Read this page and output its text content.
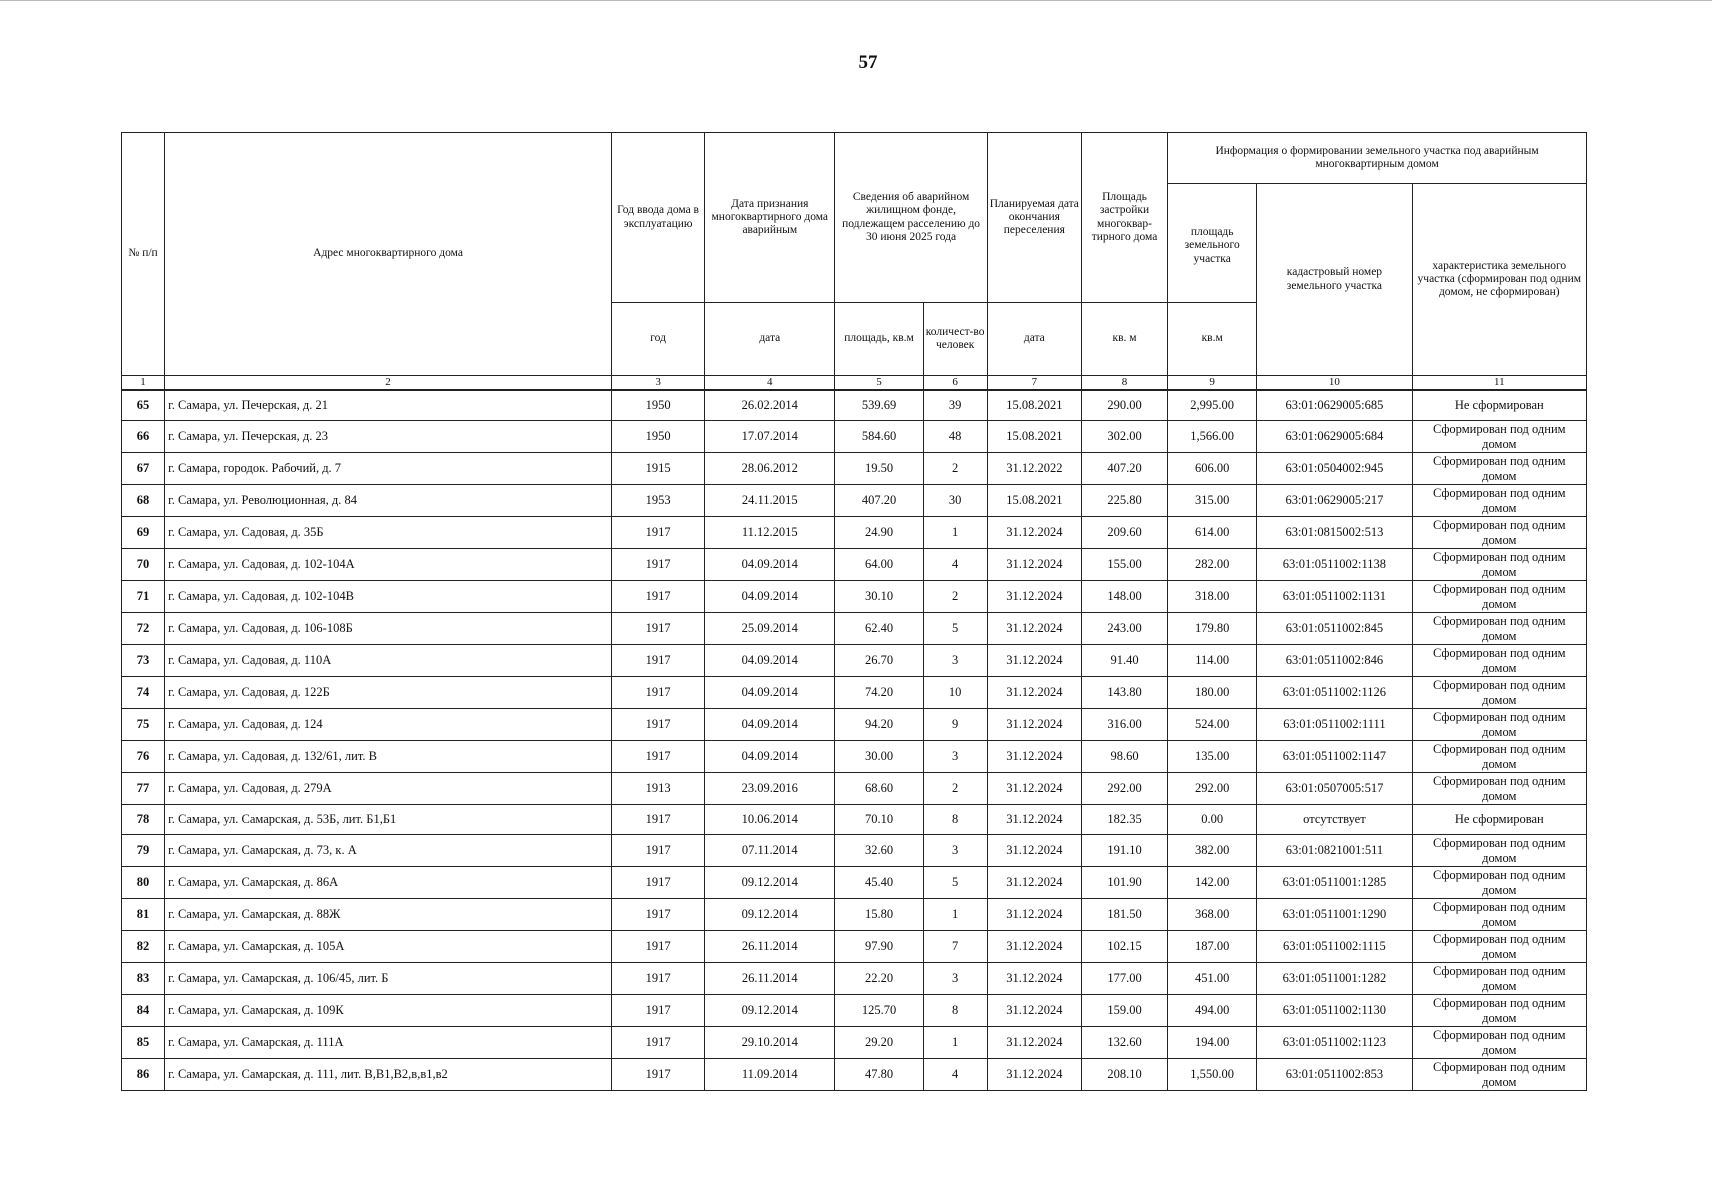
57
№ п/п	Адрес многоквартирного дома	Год ввода дома в эксплуатацию	Дата признания многоквартирного дома аварийным	Сведения об аварийном жилищном фонде, подлежащем расселению до 30 июня 2025 года		Планируемая дата окончания переселения	Площадь застройки многоквар-тирного дома	Информация о формировании земельного участка под аварийным многоквартирным домом		
								площадь земельного участка	кадастровый номер земельного участка	характеристика земельного участка (сформирован под одним домом, не сформирован)
		год	дата	площадь, кв.м	количест-во человек	дата	кв. м	кв.м		
1	2	3	4	5	6	7	8	9	10	11
65	г. Самара, ул. Печерская, д. 21	1950	26.02.2014	539.69	39	15.08.2021	290.00	2,995.00	63:01:0629005:685	Не сформирован
66	г. Самара, ул. Печерская, д. 23	1950	17.07.2014	584.60	48	15.08.2021	302.00	1,566.00	63:01:0629005:684	Сформирован под одним домом
67	г. Самара, городок. Рабочий, д. 7	1915	28.06.2012	19.50	2	31.12.2022	407.20	606.00	63:01:0504002:945	Сформирован под одним домом
68	г. Самара, ул. Революционная, д. 84	1953	24.11.2015	407.20	30	15.08.2021	225.80	315.00	63:01:0629005:217	Сформирован под одним домом
69	г. Самара, ул. Садовая, д. 35Б	1917	11.12.2015	24.90	1	31.12.2024	209.60	614.00	63:01:0815002:513	Сформирован под одним домом
70	г. Самара, ул. Садовая, д. 102-104А	1917	04.09.2014	64.00	4	31.12.2024	155.00	282.00	63:01:0511002:1138	Сформирован под одним домом
71	г. Самара, ул. Садовая, д. 102-104В	1917	04.09.2014	30.10	2	31.12.2024	148.00	318.00	63:01:0511002:1131	Сформирован под одним домом
72	г. Самара, ул. Садовая, д. 106-108Б	1917	25.09.2014	62.40	5	31.12.2024	243.00	179.80	63:01:0511002:845	Сформирован под одним домом
73	г. Самара, ул. Садовая, д. 110А	1917	04.09.2014	26.70	3	31.12.2024	91.40	114.00	63:01:0511002:846	Сформирован под одним домом
74	г. Самара, ул. Садовая, д. 122Б	1917	04.09.2014	74.20	10	31.12.2024	143.80	180.00	63:01:0511002:1126	Сформирован под одним домом
75	г. Самара, ул. Садовая, д. 124	1917	04.09.2014	94.20	9	31.12.2024	316.00	524.00	63:01:0511002:1111	Сформирован под одним домом
76	г. Самара, ул. Садовая, д. 132/61, лит. В	1917	04.09.2014	30.00	3	31.12.2024	98.60	135.00	63:01:0511002:1147	Сформирован под одним домом
77	г. Самара, ул. Садовая, д. 279А	1913	23.09.2016	68.60	2	31.12.2024	292.00	292.00	63:01:0507005:517	Сформирован под одним домом
78	г. Самара, ул. Самарская, д. 53Б, лит. Б1,Б1	1917	10.06.2014	70.10	8	31.12.2024	182.35	0.00	отсутствует	Не сформирован
79	г. Самара, ул. Самарская, д. 73, к. А	1917	07.11.2014	32.60	3	31.12.2024	191.10	382.00	63:01:0821001:511	Сформирован под одним домом
80	г. Самара, ул. Самарская, д. 86А	1917	09.12.2014	45.40	5	31.12.2024	101.90	142.00	63:01:0511001:1285	Сформирован под одним домом
81	г. Самара, ул. Самарская, д. 88Ж	1917	09.12.2014	15.80	1	31.12.2024	181.50	368.00	63:01:0511001:1290	Сформирован под одним домом
82	г. Самара, ул. Самарская, д. 105А	1917	26.11.2014	97.90	7	31.12.2024	102.15	187.00	63:01:0511002:1115	Сформирован под одним домом
83	г. Самара, ул. Самарская, д. 106/45, лит. Б	1917	26.11.2014	22.20	3	31.12.2024	177.00	451.00	63:01:0511001:1282	Сформирован под одним домом
84	г. Самара, ул. Самарская, д. 109К	1917	09.12.2014	125.70	8	31.12.2024	159.00	494.00	63:01:0511002:1130	Сформирован под одним домом
85	г. Самара, ул. Самарская, д. 111А	1917	29.10.2014	29.20	1	31.12.2024	132.60	194.00	63:01:0511002:1123	Сформирован под одним домом
86	г. Самара, ул. Самарская, д. 111, лит. В,В1,В2,в,в1,в2	1917	11.09.2014	47.80	4	31.12.2024	208.10	1,550.00	63:01:0511002:853	Сформирован под одним домом
